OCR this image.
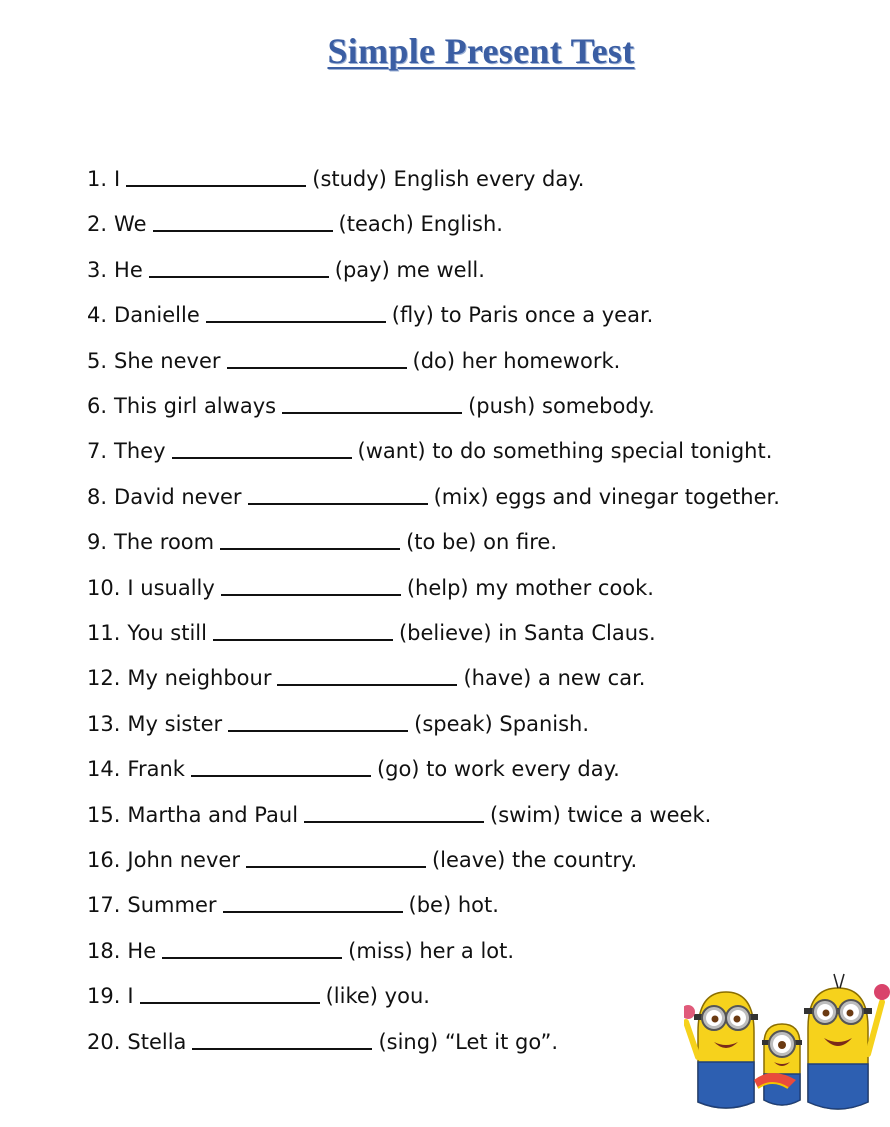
Simple Present Test
1. I	(study) English every day.
2. We	(teach) English.
3. He	(pay) me well.
4. Danielle	(fly) to Paris once a year.
5. She never	(do) her homework.
6. This girl always	(push) somebody.
7. They	(want) to do something special tonight.
8. David never	(mix) eggs and vinegar together.
9. The room	(to be) on fire.
10. I usually	(help) my mother cook.
11. You still	(believe) in Santa Claus.
12. My neighbour	(have) a new car.
13. My sister	(speak) Spanish.
14. Frank	(go) to work every day.
15. Martha and Paul	(swim) twice a week.
16. John never	(leave) the country.
17. Summer	(be) hot.
18. He	(miss) her a lot.
19. I	(like) you.
20. Stella	(sing) “Let it go”.
